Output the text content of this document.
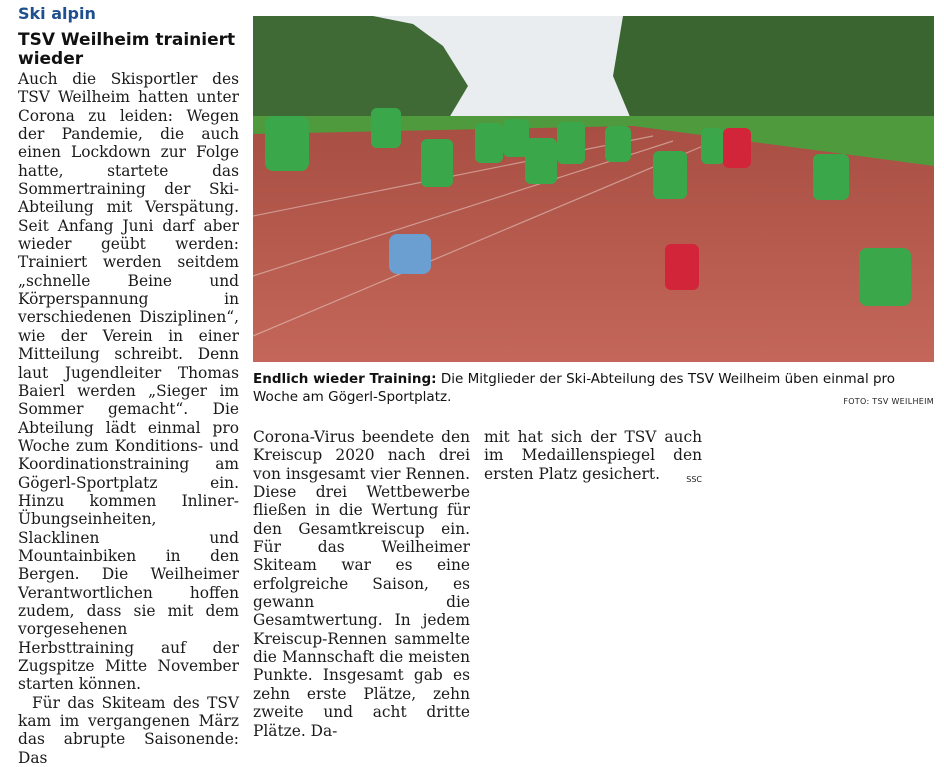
Ski alpin
TSV Weilheim trainiert wieder

Auch die Skisportler des TSV Weilheim hatten unter Corona zu leiden: Wegen der Pandemie, die auch einen Lockdown zur Folge hatte, startete das Sommertraining der Ski-Abteilung mit Verspätung. Seit Anfang Juni darf aber wieder geübt werden: Trainiert werden seitdem „schnelle Beine und Körperspannung in verschiedenen Disziplinen“, wie der Verein in einer Mitteilung schreibt. Denn laut Jugendleiter Thomas Baierl werden „Sieger im Sommer gemacht“. Die Abteilung lädt einmal pro Woche zum Konditions- und Koordinationstraining am Gögerl-Sportplatz ein. Hinzu kommen Inliner-Übungseinheiten, Slacklinen und Mountainbiken in den Bergen. Die Weilheimer Verantwortlichen hoffen zudem, dass sie mit dem vorgesehenen Herbsttraining auf der Zugspitze Mitte November starten können.

Für das Skiteam des TSV kam im vergangenen März das abrupte Saisonende: Das

Endlich wieder Training: Die Mitglieder der Ski-Abteilung des TSV Weilheim üben einmal pro Woche am Gögerl-Sportplatz.	FOTO: TSV WEILHEIM

Corona-Virus beendete den Kreiscup 2020 nach drei von insgesamt vier Rennen. Diese drei Wettbewerbe fließen in die Wertung für den Gesamtkreiscup ein. Für das Weilheimer Skiteam war es eine erfolgreiche Saison, es gewann die Gesamtwertung. In jedem Kreiscup-Rennen sammelte die Mannschaft die meisten Punkte. Insgesamt gab es zehn erste Plätze, zehn zweite und acht dritte Plätze. Da-

mit hat sich der TSV auch im Medaillenspiegel den ersten Platz gesichert.	SSC
